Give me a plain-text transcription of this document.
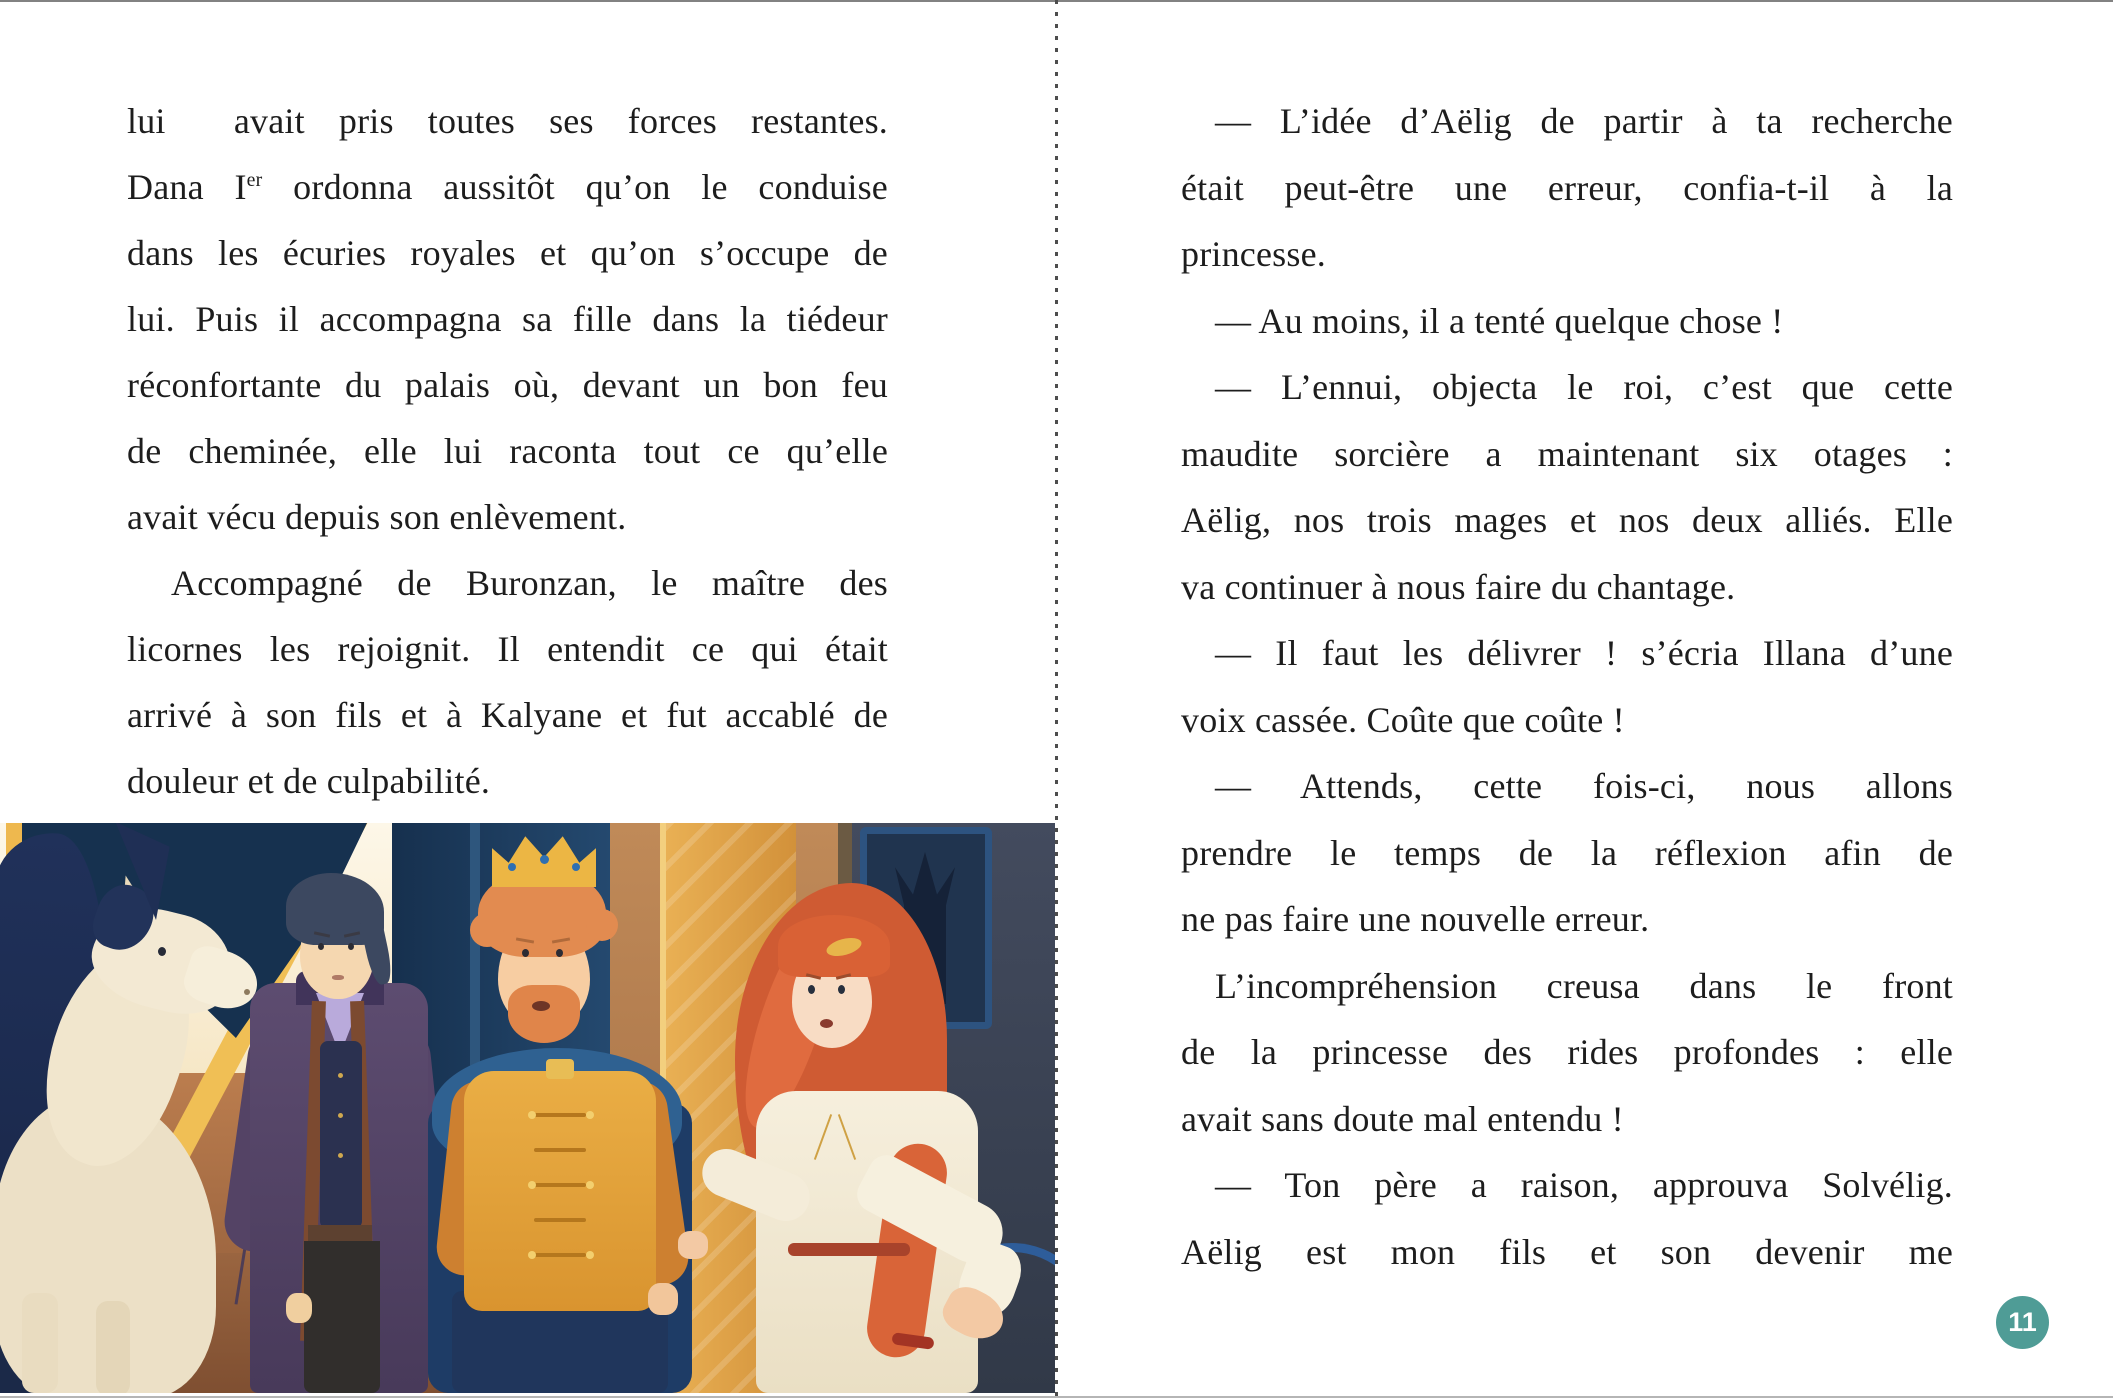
lui  avait pris toutes ses forces restantes.
Dana Ier ordonna aussitôt qu’on le conduise
dans les écuries royales et qu’on s’occupe de
lui. Puis il accompagna sa fille dans la tiédeur
réconfortante du palais où, devant un bon feu
de cheminée, elle lui raconta tout ce qu’elle
avait vécu depuis son enlèvement.
Accompagné de Buronzan, le maître des
licornes les rejoignit. Il entendit ce qui était
arrivé à son fils et à Kalyane et fut accablé de
douleur et de culpabilité.
— L’idée d’Aëlig de partir à ta recherche
était peut-être une erreur, confia-t-il à la
princesse.
— Au moins, il a tenté quelque chose !
— L’ennui, objecta le roi, c’est que cette
maudite sorcière a maintenant six otages :
Aëlig, nos trois mages et nos deux alliés. Elle
va continuer à nous faire du chantage.
— Il faut les délivrer ! s’écria Illana d’une
voix cassée. Coûte que coûte !
— Attends, cette fois-ci, nous allons
prendre le temps de la réflexion afin de
ne pas faire une nouvelle erreur.
L’incompréhension creusa dans le front
de la princesse des rides profondes : elle
avait sans doute mal entendu !
— Ton père a raison, approuva Solvélig.
Aëlig est mon fils et son devenir me
11
